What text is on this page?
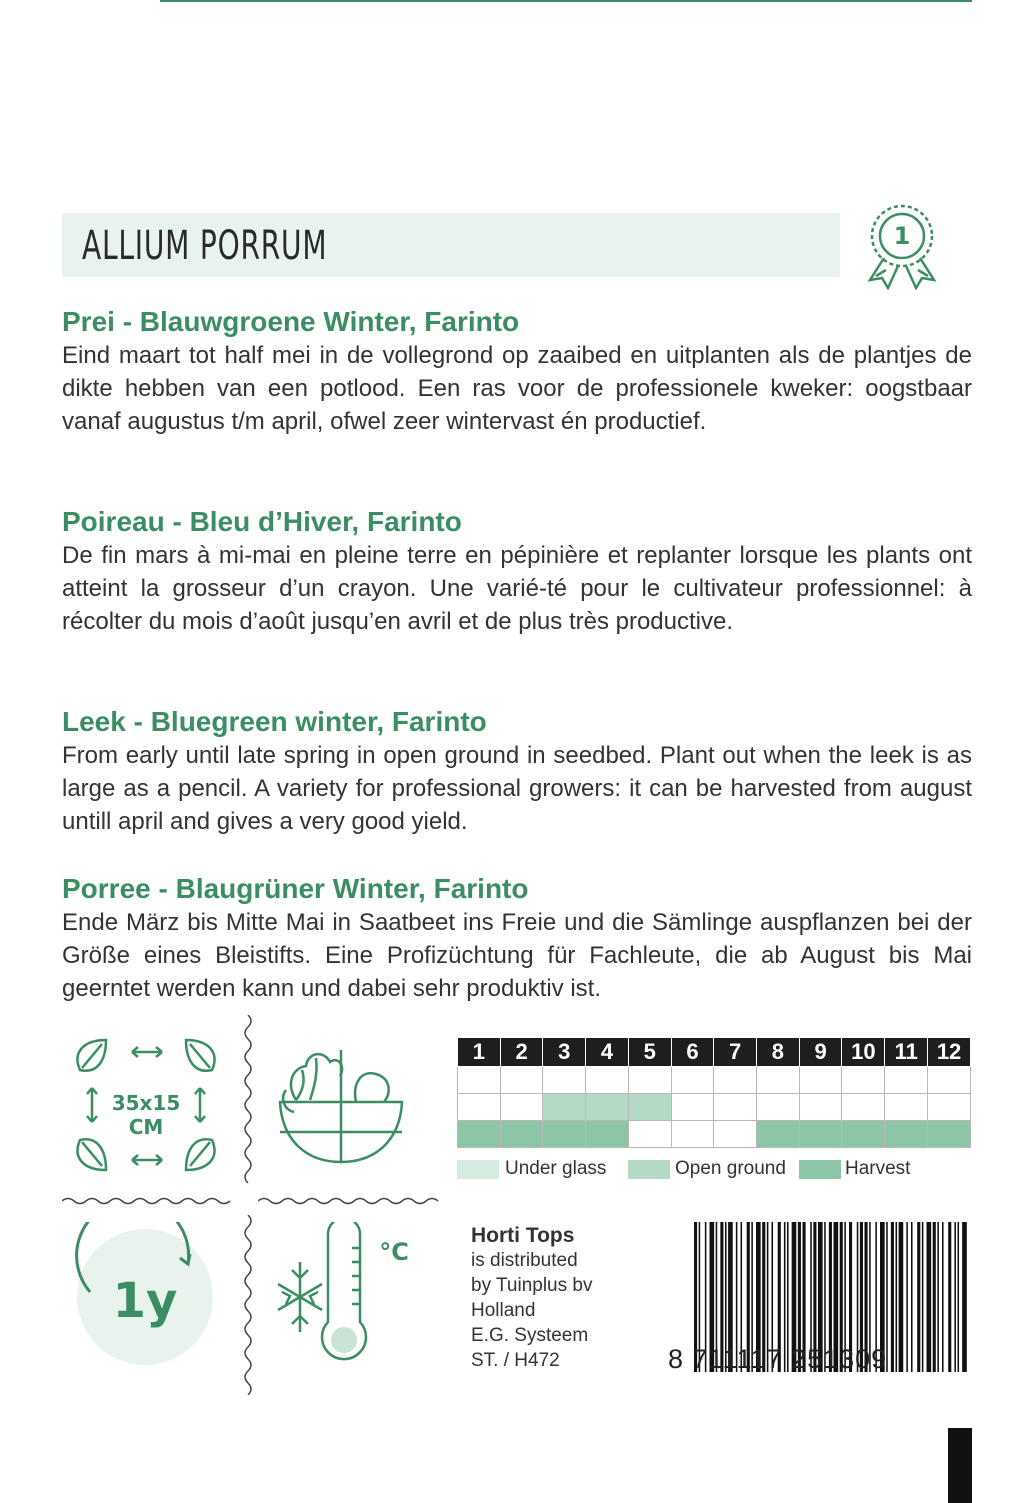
ALLIUM PORRUM	1
Prei - Blauwgroene Winter, Farinto

Eind maart tot half mei in de vollegrond op zaaibed en uitplanten als de plantjes de dikte hebben van een potlood. Een ras voor de professionele kweker: oogstbaar vanaf augustus t/m april, ofwel zeer wintervast én productief.

Poireau - Bleu d’Hiver, Farinto

De fin mars à mi-mai en pleine terre en pépinière et replanter lorsque les plants ont atteint la grosseur d’un crayon. Une varié-té pour le cultivateur professionnel: à récolter du mois d’août jusqu’en avril et de plus très productive.

Leek - Bluegreen winter, Farinto

From early until late spring in open ground in seedbed. Plant out when the leek is as large as a pencil. A variety for professional growers: it can be harvested from august untill april and gives a very good yield.

Porree - Blaugrüner Winter, Farinto

Ende März bis Mitte Mai in Saatbeet ins Freie und die Sämlinge auspflanzen bei der Größe eines Bleistifts. Eine Profizüchtung für Fachleute, die ab August bis Mai geerntet werden kann und dabei sehr produktiv ist.

35x15
CM
1y
°C
1	2	3	4	5	6	7	8	9	10	11	12

Under glass	Open ground	Harvest
Horti Tops
is distributed
by Tuinplus bv
Holland
E.G. Systeem
ST. / H472	8 711117 251309
